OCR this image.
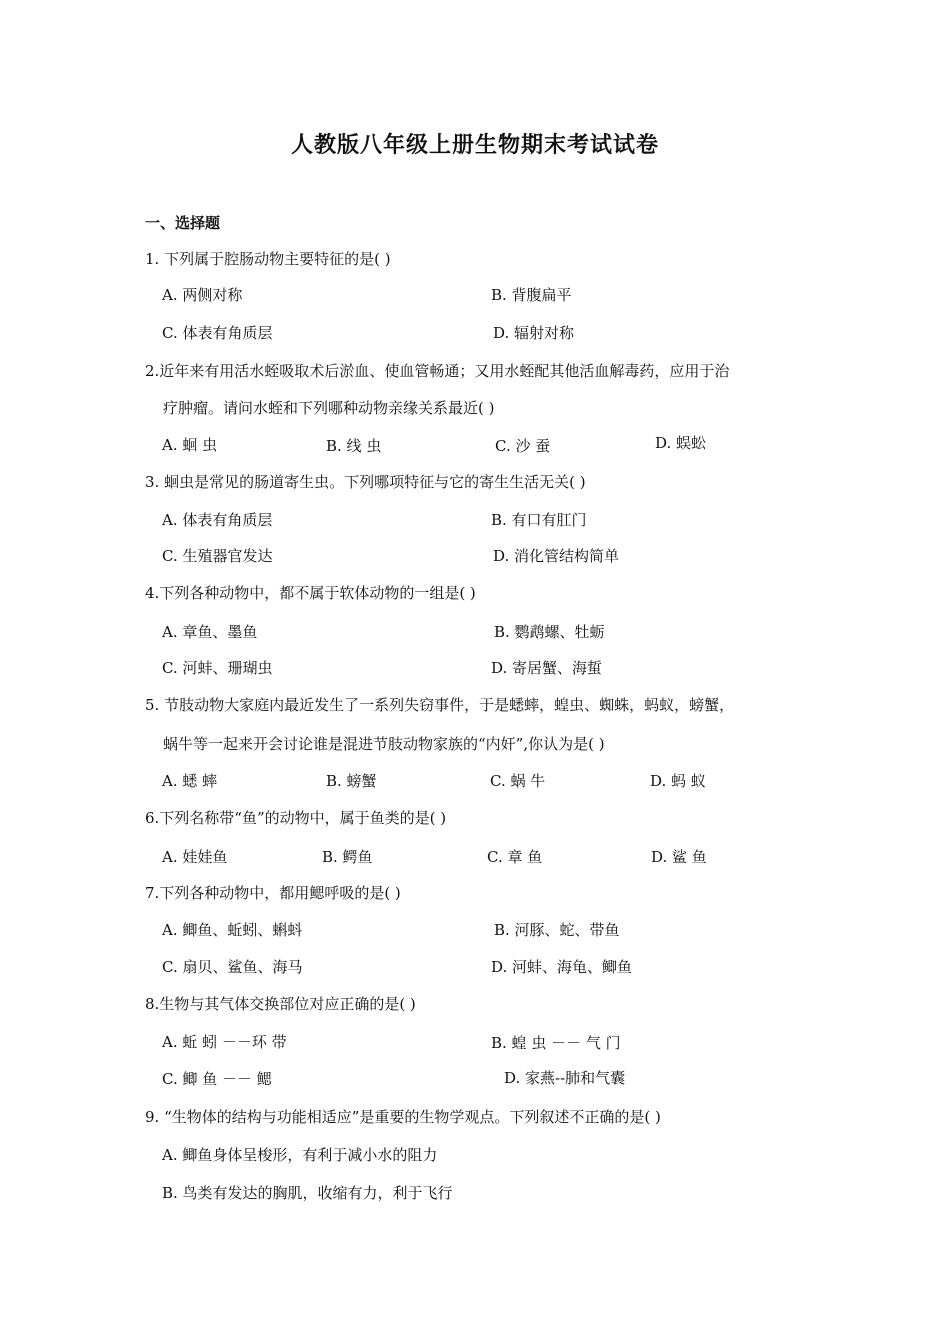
人教版八年级上册生物期末考试试卷
一、选择题
1. 下列属于腔肠动物主要特征的是( )
A. 两侧对称	B. 背腹扁平
C. 体表有角质层	D. 辐射对称
2.近年来有用活水蛭吸取术后淤血、使血管畅通；又用水蛭配其他活血解毒药，应用于治
疗肿瘤。请问水蛭和下列哪种动物亲缘关系最近( )
A. 蛔 虫	B. 线 虫	C. 沙 蚕	D. 蜈蚣
3. 蛔虫是常见的肠道寄生虫。下列哪项特征与它的寄生生活无关( )
A. 体表有角质层	B. 有口有肛门
C. 生殖器官发达	D. 消化管结构简单
4.下列各种动物中，都不属于软体动物的一组是( )
A. 章鱼、墨鱼	B. 鹦鹉螺、牡蛎
C. 河蚌、珊瑚虫	D. 寄居蟹、海蜇
5. 节肢动物大家庭内最近发生了一系列失窃事件，于是蟋蟀，蝗虫、蜘蛛，蚂蚁，螃蟹，
蜗牛等一起来开会讨论谁是混进节肢动物家族的“内奸”,你认为是( )
A. 蟋 蟀	B. 螃蟹	C. 蜗 牛	D. 蚂 蚁
6.下列名称带“鱼”的动物中，属于鱼类的是( )
A. 娃娃鱼	B. 鳄鱼	C. 章 鱼	D. 鲨 鱼
7.下列各种动物中，都用鳃呼吸的是( )
A. 鲫鱼、蚯蚓、蝌蚪	B. 河豚、蛇、带鱼
C. 扇贝、鲨鱼、海马	D. 河蚌、海龟、鲫鱼
8.生物与其气体交换部位对应正确的是( )
A. 蚯 蚓 －－环 带	B. 蝗 虫 －－ 气 门
C. 鲫 鱼 －－ 鳃	D. 家燕--肺和气囊
9. “生物体的结构与功能相适应”是重要的生物学观点。下列叙述不正确的是( )
A. 鲫鱼身体呈梭形，有利于减小水的阻力
B. 鸟类有发达的胸肌，收缩有力，利于飞行
